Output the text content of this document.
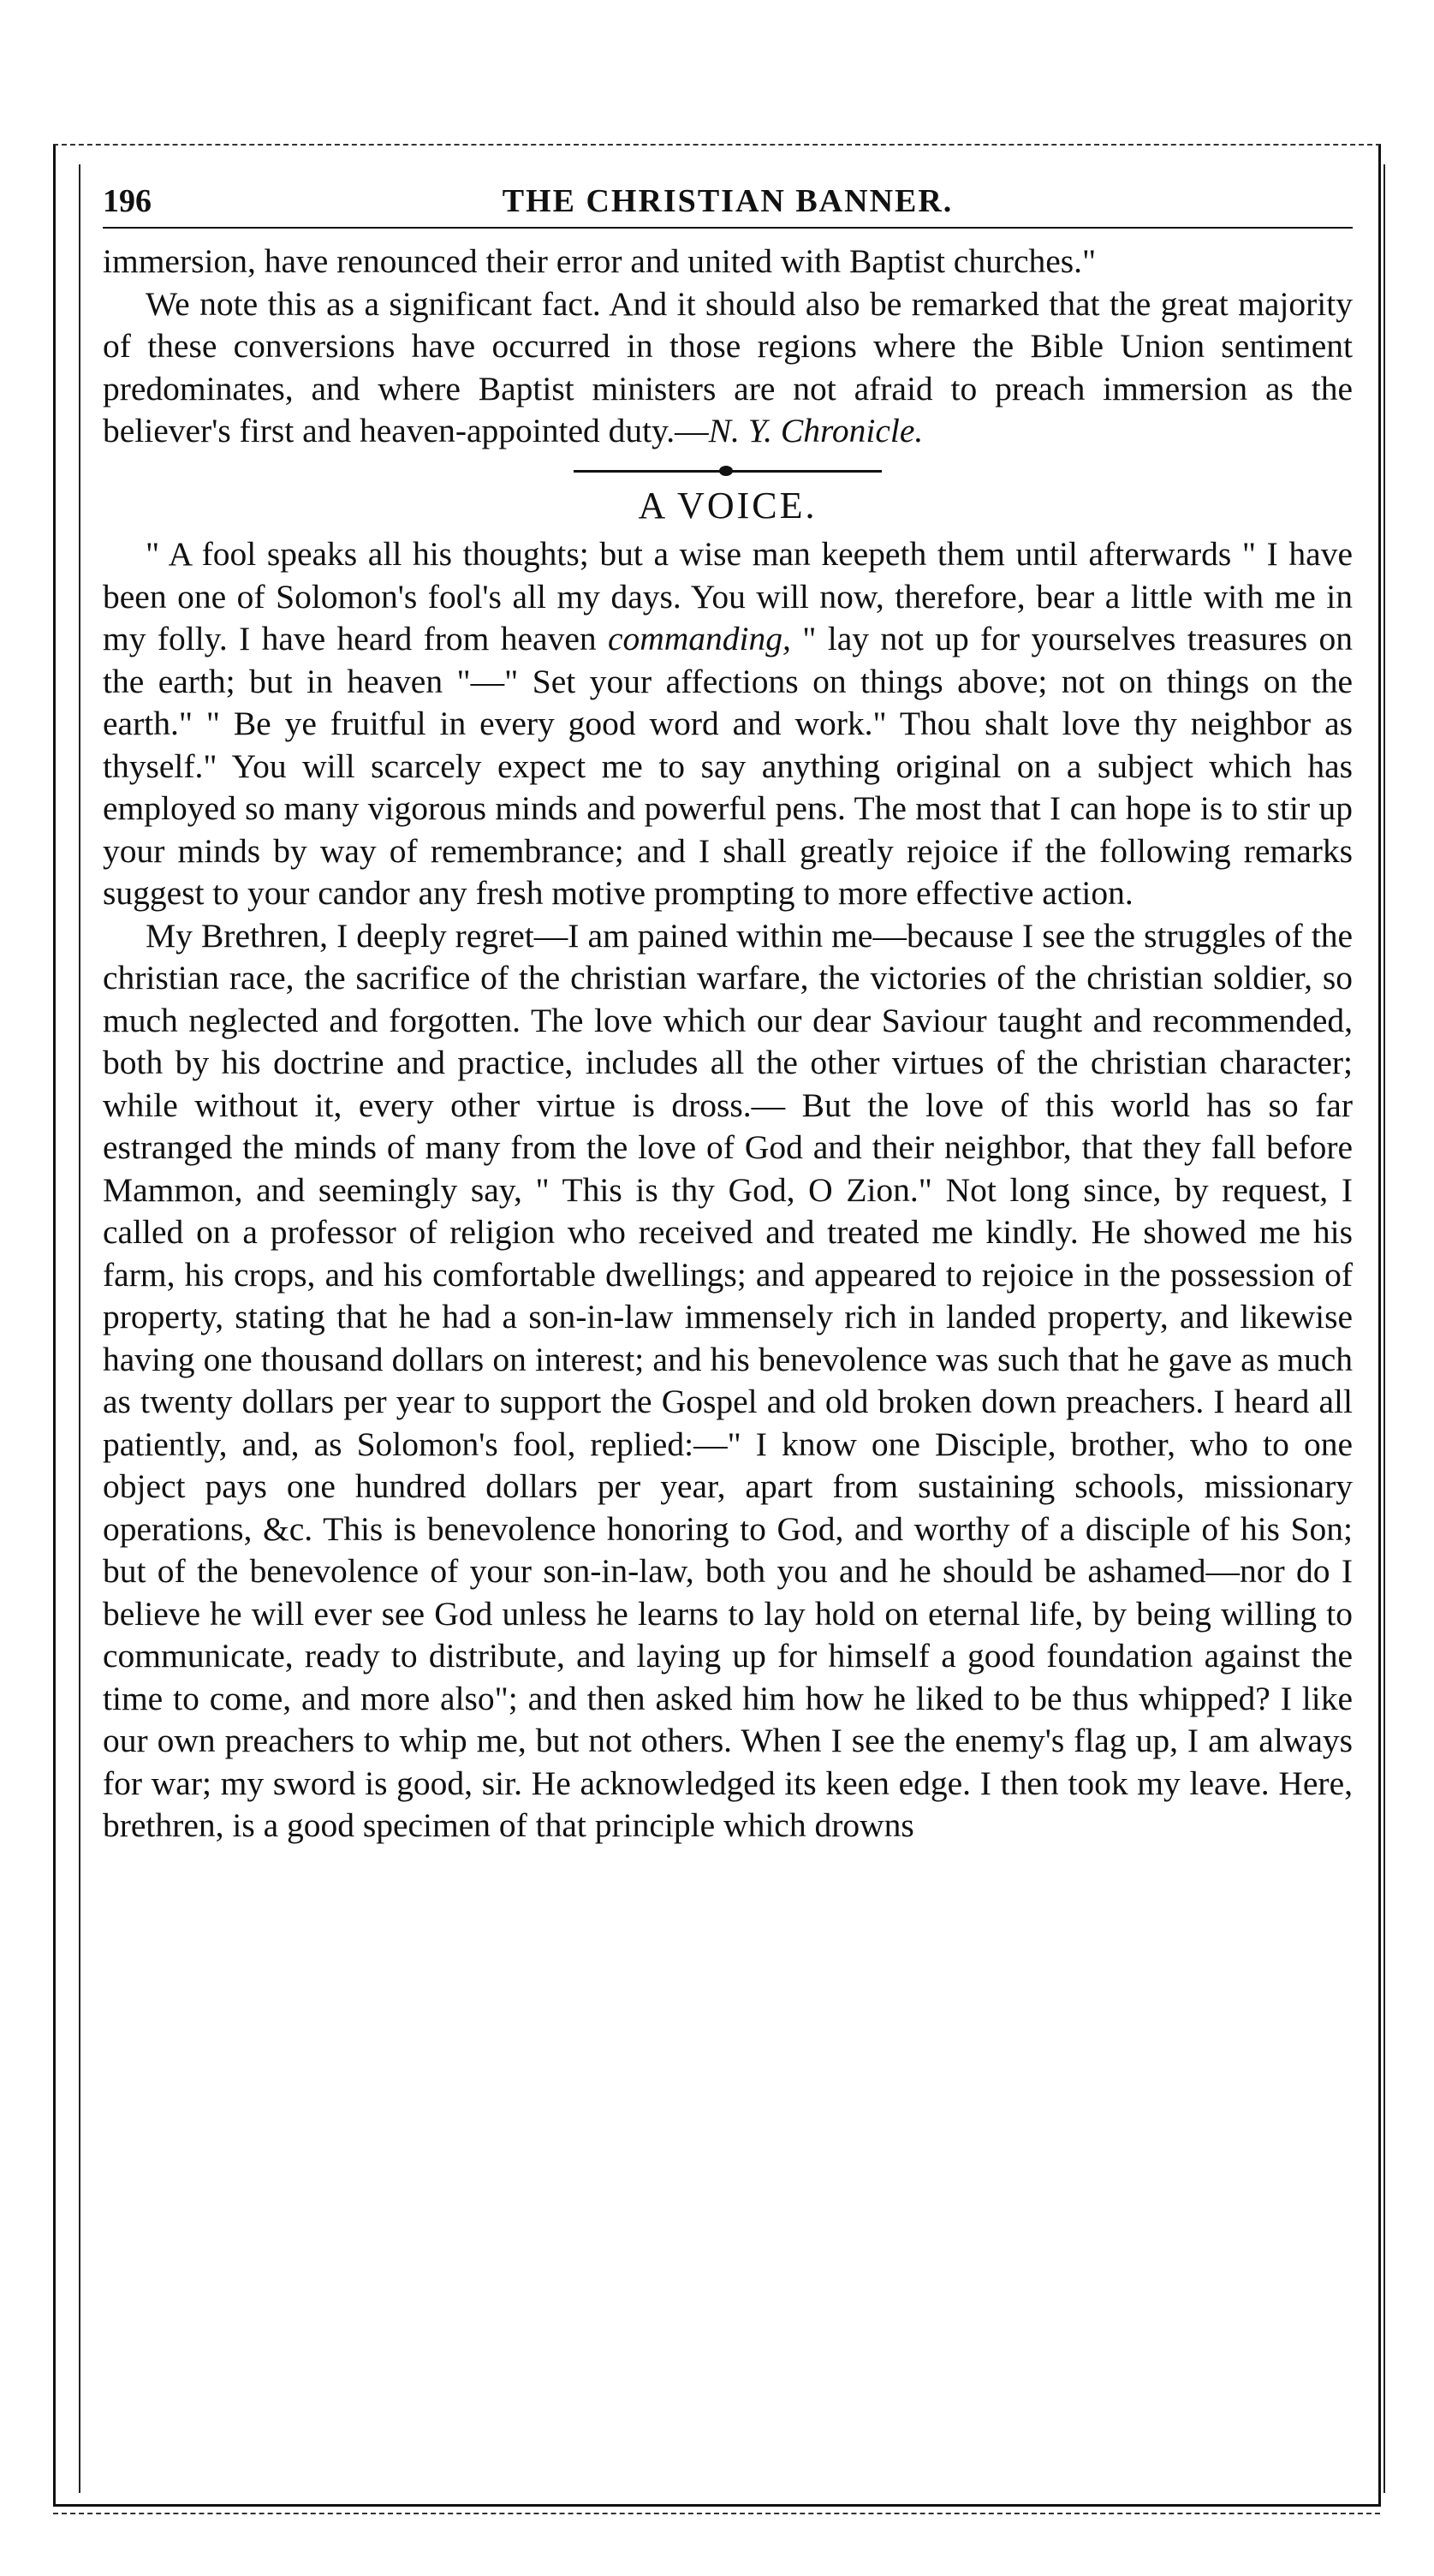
196	THE CHRISTIAN BANNER.

immersion, have renounced their error and united with Baptist churches."

We note this as a significant fact. And it should also be remarked that the great majority of these conversions have occurred in those regions where the Bible Union sentiment predominates, and where Baptist ministers are not afraid to preach immersion as the believer's first and heaven-appointed duty.—N. Y. Chronicle.

A VOICE.

" A fool speaks all his thoughts; but a wise man keepeth them until afterwards " I have been one of Solomon's fool's all my days. You will now, therefore, bear a little with me in my folly. I have heard from heaven commanding, " lay not up for yourselves treasures on the earth; but in heaven "—" Set your affections on things above; not on things on the earth." " Be ye fruitful in every good word and work." Thou shalt love thy neighbor as thyself." You will scarcely expect me to say anything original on a subject which has employed so many vigorous minds and powerful pens. The most that I can hope is to stir up your minds by way of remembrance; and I shall greatly rejoice if the following remarks suggest to your candor any fresh motive prompting to more effective action.

My Brethren, I deeply regret—I am pained within me—because I see the struggles of the christian race, the sacrifice of the christian warfare, the victories of the christian soldier, so much neglected and forgotten. The love which our dear Saviour taught and recommended, both by his doctrine and practice, includes all the other virtues of the christian character; while without it, every other virtue is dross.— But the love of this world has so far estranged the minds of many from the love of God and their neighbor, that they fall before Mammon, and seemingly say, " This is thy God, O Zion." Not long since, by request, I called on a professor of religion who received and treated me kindly. He showed me his farm, his crops, and his comfortable dwellings; and appeared to rejoice in the possession of property, stating that he had a son-in-law immensely rich in landed property, and likewise having one thousand dollars on interest; and his benevolence was such that he gave as much as twenty dollars per year to support the Gospel and old broken down preachers. I heard all patiently, and, as Solomon's fool, replied:—" I know one Disciple, brother, who to one object pays one hundred dollars per year, apart from sustaining schools, missionary operations, &c. This is benevolence honoring to God, and worthy of a disciple of his Son; but of the benevolence of your son-in-law, both you and he should be ashamed—nor do I believe he will ever see God unless he learns to lay hold on eternal life, by being willing to communicate, ready to distribute, and laying up for himself a good foundation against the time to come, and more also"; and then asked him how he liked to be thus whipped? I like our own preachers to whip me, but not others. When I see the enemy's flag up, I am always for war; my sword is good, sir. He acknowledged its keen edge. I then took my leave. Here, brethren, is a good specimen of that principle which drowns
